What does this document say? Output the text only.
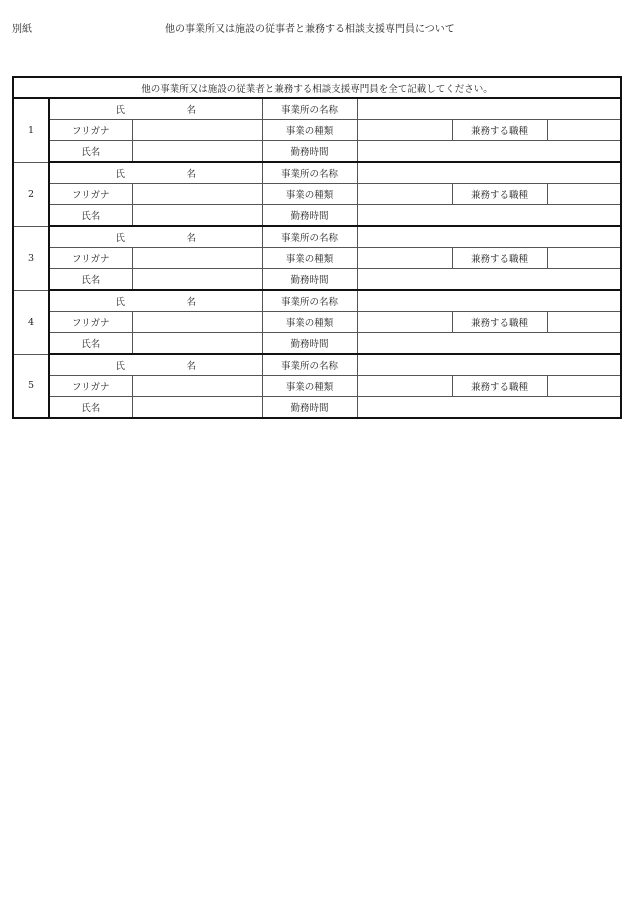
別紙	他の事業所又は施設の従事者と兼務する相談支援専門員について
他の事業所又は施設の従業者と兼務する相談支援専門員を全て記載してください。						
1	氏　名		事業所の名称			
	フリガナ		事業の種類		兼務する職種	
	氏名		勤務時間			
2	氏　名		事業所の名称			
	フリガナ		事業の種類		兼務する職種	
	氏名		勤務時間			
3	氏　名		事業所の名称			
	フリガナ		事業の種類		兼務する職種	
	氏名		勤務時間			
4	氏　名		事業所の名称			
	フリガナ		事業の種類		兼務する職種	
	氏名		勤務時間			
5	氏　名		事業所の名称			
	フリガナ		事業の種類		兼務する職種	
	氏名		勤務時間			
